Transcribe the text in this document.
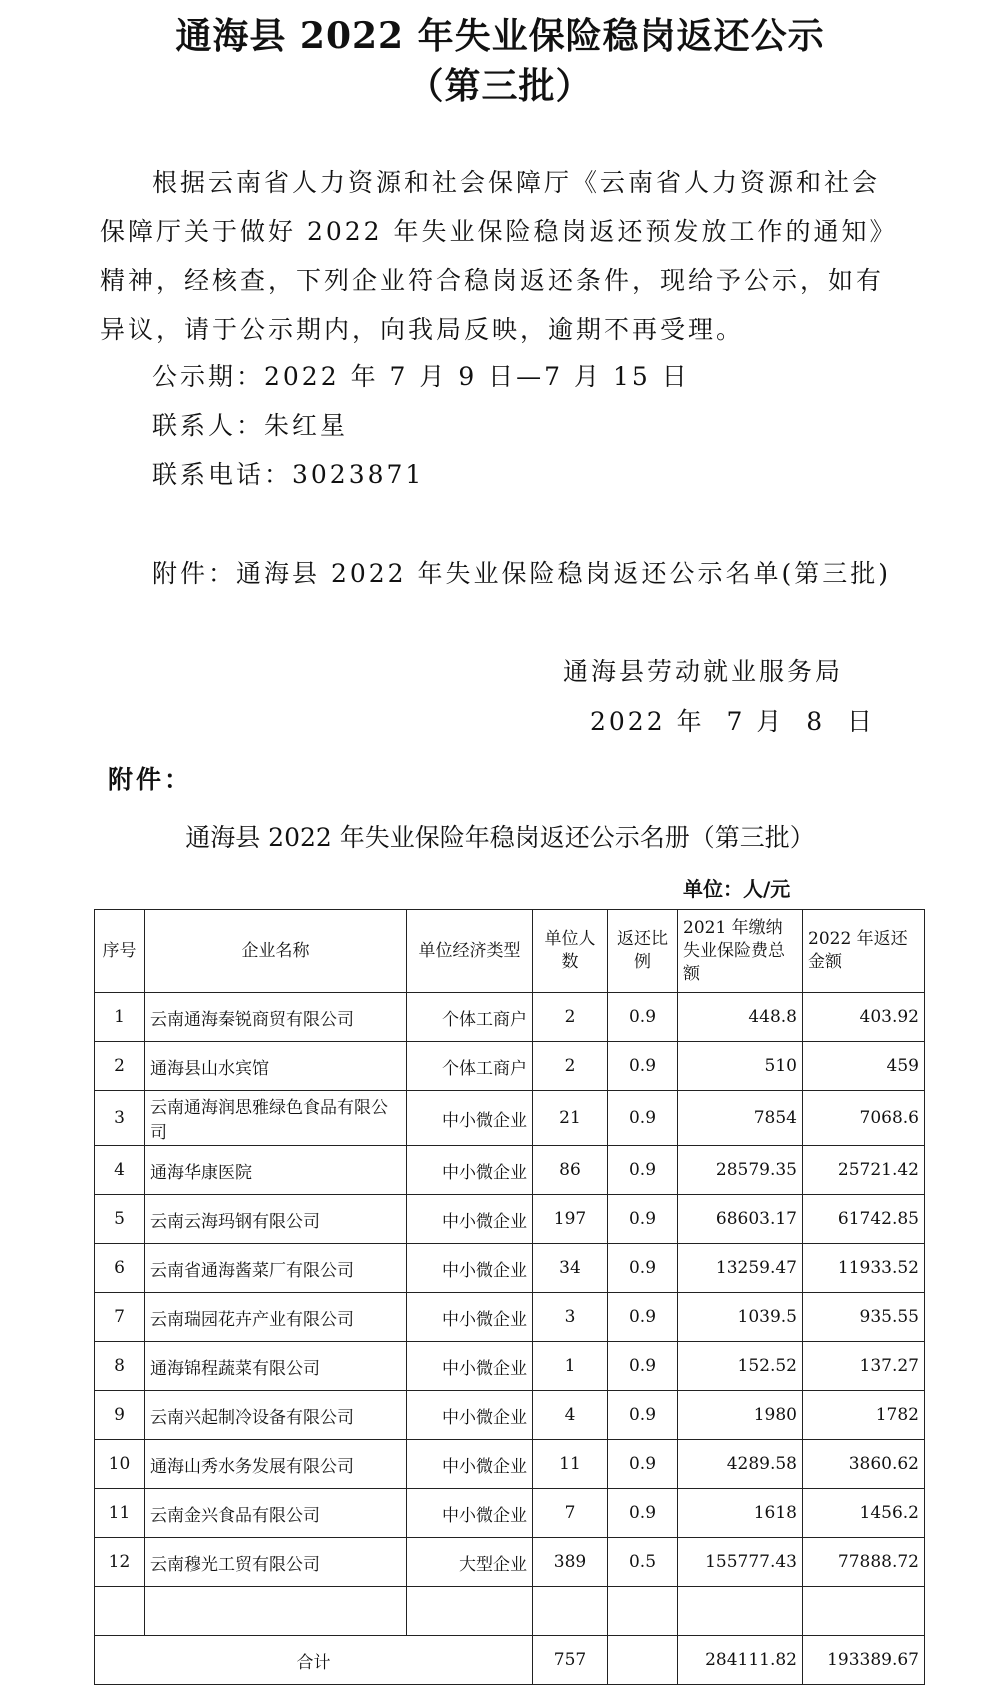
通海县 2022 年失业保险稳岗返还公示
（第三批）
根据云南省人力资源和社会保障厅《云南省人力资源和社会保障厅关于做好 2022 年失业保险稳岗返还预发放工作的通知》精神，经核查，下列企业符合稳岗返还条件，现给予公示，如有异议，请于公示期内，向我局反映，逾期不再受理。
公示期：2022 年 7 月 9 日—7 月 15 日
联系人：朱红星
联系电话：3023871
附件：通海县 2022 年失业保险稳岗返还公示名单(第三批)
通海县劳动就业服务局
2022 年  7 月  8  日
附件：
通海县 2022 年失业保险年稳岗返还公示名册（第三批）
单位：人/元
序号	企业名称	单位经济类型	单位人数	返还比例	2021 年缴纳失业保险费总额	2022 年返还金额
1	云南通海秦锐商贸有限公司	个体工商户	2	0.9	448.8	403.92
2	通海县山水宾馆	个体工商户	2	0.9	510	459
3	云南通海润思雅绿色食品有限公司	中小微企业	21	0.9	7854	7068.6
4	通海华康医院	中小微企业	86	0.9	28579.35	25721.42
5	云南云海玛钢有限公司	中小微企业	197	0.9	68603.17	61742.85
6	云南省通海酱菜厂有限公司	中小微企业	34	0.9	13259.47	11933.52
7	云南瑞园花卉产业有限公司	中小微企业	3	0.9	1039.5	935.55
8	通海锦程蔬菜有限公司	中小微企业	1	0.9	152.52	137.27
9	云南兴起制冷设备有限公司	中小微企业	4	0.9	1980	1782
10	通海山秀水务发展有限公司	中小微企业	11	0.9	4289.58	3860.62
11	云南金兴食品有限公司	中小微企业	7	0.9	1618	1456.2
12	云南穆光工贸有限公司	大型企业	389	0.5	155777.43	77888.72

合计			757		284111.82	193389.67
